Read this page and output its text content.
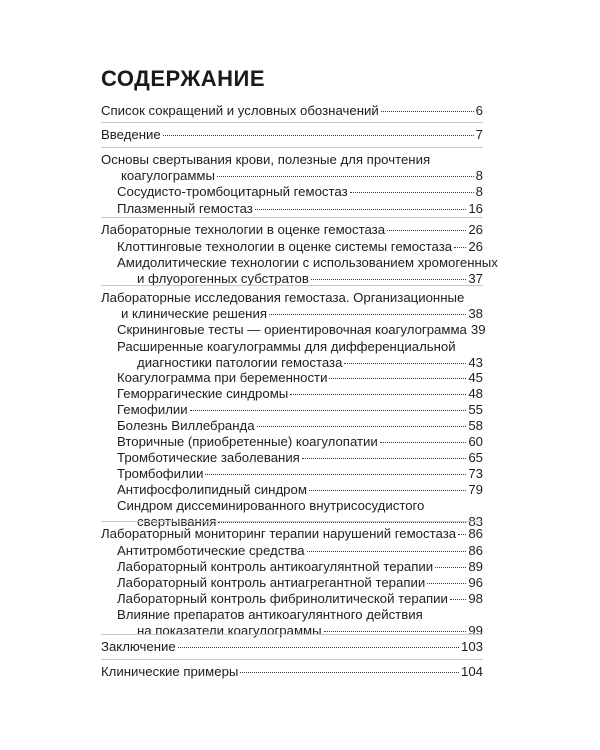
СОДЕРЖАНИЕ
Список сокращений и условных обозначений	6
Введение	7
Основы свертывания крови, полезные для прочтения
коагулограммы	8
Сосудисто-тромбоцитарный гемостаз	8
Плазменный гемостаз	16
Лабораторные технологии в оценке гемостаза	26
Клоттинговые технологии в оценке системы гемостаза 26
Амидолитические технологии с использованием хромогенных
и флуорогенных субстратов	37
Лабораторные исследования гемостаза. Организационные
и клинические решения	38
Скрининговые тесты — ориентировочная коагулограмма 39
Расширенные коагулограммы для дифференциальной
диагностики патологии гемостаза	43
Коагулограмма при беременности	45
Геморрагические синдромы	48
Гемофилии	55
Болезнь Виллебранда	58
Вторичные (приобретенные) коагулопатии	60
Тромботические заболевания	65
Тромбофилии	73
Антифосфолипидный синдром	79
Синдром диссеминированного внутрисосудистого
свертывания	83
Лабораторный мониторинг терапии нарушений гемостаза 86
Антитромботические средства	86
Лабораторный контроль антикоагулянтной терапии	89
Лабораторный контроль антиагрегантной терапии	96
Лабораторный контроль фибринолитической терапии 98
Влияние препаратов антикоагулянтного действия
на показатели коагулограммы	99
Заключение	103
Клинические примеры	104
